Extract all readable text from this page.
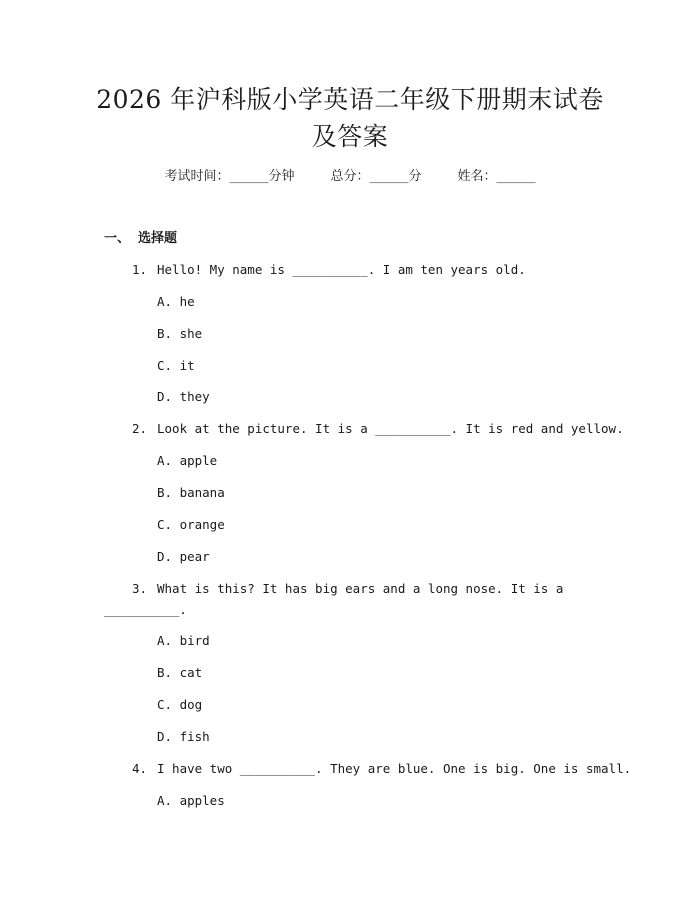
2026 年沪科版小学英语二年级下册期末试卷
及答案
考试时间：______分钟	总分：______分	姓名：______
一、 选择题
1. Hello! My name is __________. I am ten years old.
A. he
B. she
C. it
D. they
2. Look at the picture. It is a __________. It is red and yellow.
A. apple
B. banana
C. orange
D. pear
3. What is this? It has big ears and a long nose. It is a
__________.
A. bird
B. cat
C. dog
D. fish
4. I have two __________. They are blue. One is big. One is small.
A. apples
